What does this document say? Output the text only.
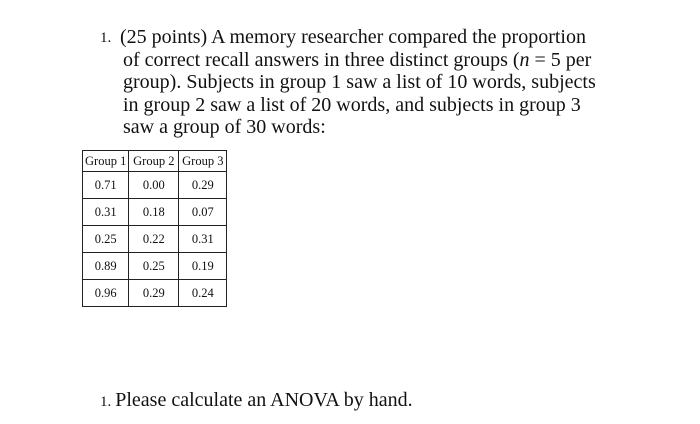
1. (25 points) A memory researcher compared the proportion
of correct recall answers in three distinct groups (n = 5 per
group). Subjects in group 1 saw a list of 10 words, subjects
in group 2 saw a list of 20 words, and subjects in group 3
saw a group of 30 words:
Group 1	Group 2	Group 3
0.71	0.00	0.29
0.31	0.18	0.07
0.25	0.22	0.31
0.89	0.25	0.19
0.96	0.29	0.24
1. Please calculate an ANOVA by hand.
